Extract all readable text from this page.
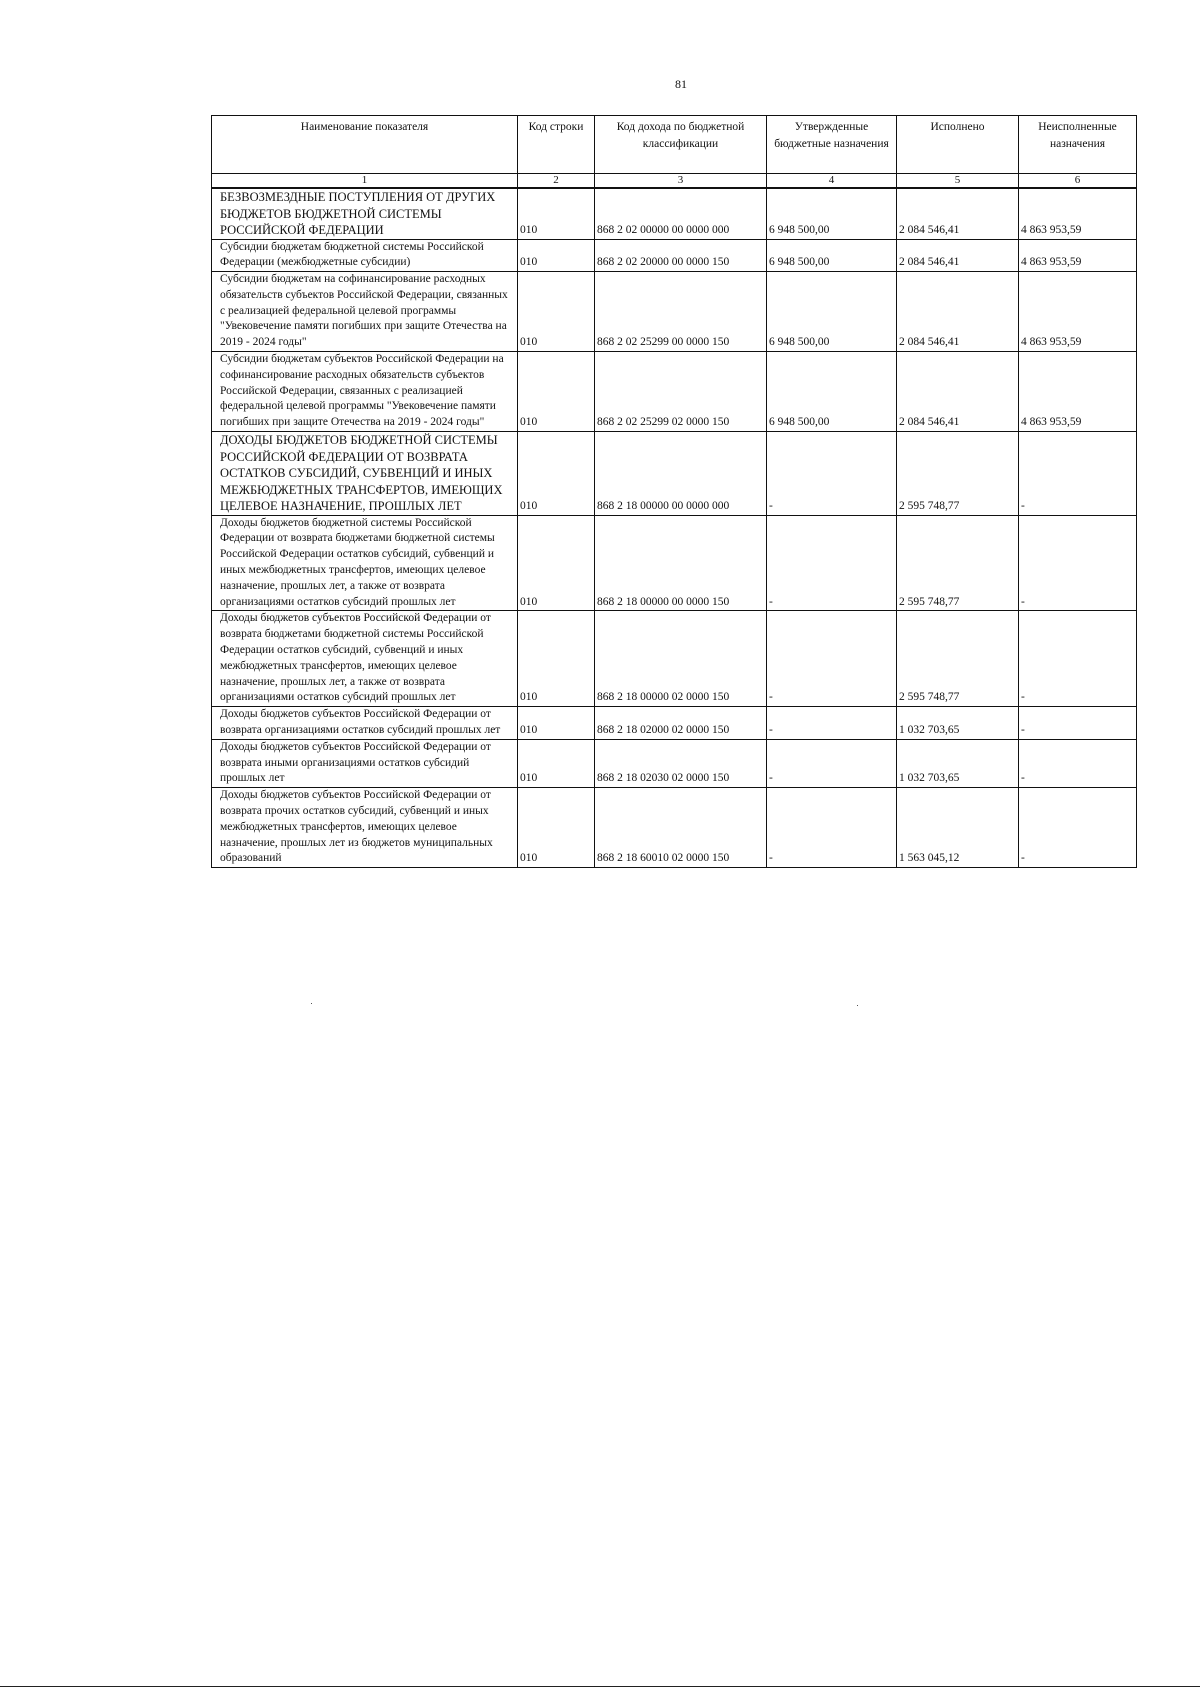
81
Наименование показателя	Код строки	Код дохода по бюджетной классификации	Утвержденные бюджетные назначения	Исполнено	Неисполненные назначения
1	2	3	4	5	6
БЕЗВОЗМЕЗДНЫЕ ПОСТУПЛЕНИЯ ОТ ДРУГИХ БЮДЖЕТОВ БЮДЖЕТНОЙ СИСТЕМЫ РОССИЙСКОЙ ФЕДЕРАЦИИ	010	868 2 02 00000 00 0000 000	6 948 500,00	2 084 546,41	4 863 953,59
Субсидии бюджетам бюджетной системы Российской Федерации (межбюджетные субсидии)	010	868 2 02 20000 00 0000 150	6 948 500,00	2 084 546,41	4 863 953,59
Субсидии бюджетам на софинансирование расходных обязательств субъектов Российской Федерации, связанных с реализацией федеральной целевой программы "Увековечение памяти погибших при защите Отечества на 2019 - 2024 годы"	010	868 2 02 25299 00 0000 150	6 948 500,00	2 084 546,41	4 863 953,59
Субсидии бюджетам субъектов Российской Федерации на софинансирование расходных обязательств субъектов Российской Федерации, связанных с реализацией федеральной целевой программы "Увековечение памяти погибших при защите Отечества на 2019 - 2024 годы"	010	868 2 02 25299 02 0000 150	6 948 500,00	2 084 546,41	4 863 953,59
ДОХОДЫ БЮДЖЕТОВ БЮДЖЕТНОЙ СИСТЕМЫ РОССИЙСКОЙ ФЕДЕРАЦИИ ОТ ВОЗВРАТА ОСТАТКОВ СУБСИДИЙ, СУБВЕНЦИЙ И ИНЫХ МЕЖБЮДЖЕТНЫХ ТРАНСФЕРТОВ, ИМЕЮЩИХ ЦЕЛЕВОЕ НАЗНАЧЕНИЕ, ПРОШЛЫХ ЛЕТ	010	868 2 18 00000 00 0000 000	-	2 595 748,77	-
Доходы бюджетов бюджетной системы Российской Федерации от возврата бюджетами бюджетной системы Российской Федерации остатков субсидий, субвенций и иных межбюджетных трансфертов, имеющих целевое назначение, прошлых лет, а также от возврата организациями остатков субсидий прошлых лет	010	868 2 18 00000 00 0000 150	-	2 595 748,77	-
Доходы бюджетов субъектов Российской Федерации от возврата бюджетами бюджетной системы Российской Федерации остатков субсидий, субвенций и иных межбюджетных трансфертов, имеющих целевое назначение, прошлых лет, а также от возврата организациями остатков субсидий прошлых лет	010	868 2 18 00000 02 0000 150	-	2 595 748,77	-
Доходы бюджетов субъектов Российской Федерации от возврата организациями остатков субсидий прошлых лет	010	868 2 18 02000 02 0000 150	-	1 032 703,65	-
Доходы бюджетов субъектов Российской Федерации от возврата иными организациями остатков субсидий прошлых лет	010	868 2 18 02030 02 0000 150	-	1 032 703,65	-
Доходы бюджетов субъектов Российской Федерации от возврата прочих остатков субсидий, субвенций и иных межбюджетных трансфертов, имеющих целевое назначение, прошлых лет из бюджетов муниципальных образований	010	868 2 18 60010 02 0000 150	-	1 563 045,12	-
